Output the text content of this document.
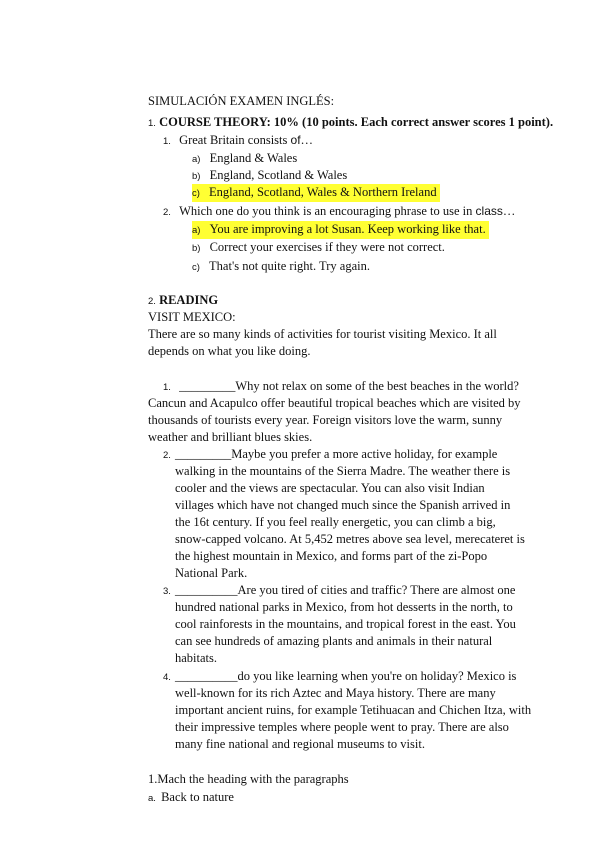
SIMULACIÓN EXAMEN INGLÉS:
1. COURSE THEORY: 10% (10 points. Each correct answer scores 1 point).
1. Great Britain consists of…
a) England & Wales
b) England, Scotland & Wales
c) England, Scotland, Wales & Northern Ireland
2. Which one do you think is an encouraging phrase to use in class…
a) You are improving a lot Susan. Keep working like that.
b) Correct your exercises if they were not correct.
c) That's not quite right. Try again.
2. READING
VISIT MEXICO:
There are so many kinds of activities for tourist visiting Mexico. It all
depends on what you like doing.
1. _________Why not relax on some of the best beaches in the world?
Cancun and Acapulco offer beautiful tropical beaches which are visited by
thousands of tourists every year. Foreign visitors love the warm, sunny
weather and brilliant blues skies.
2. _________Maybe you prefer a more active holiday, for example
walking in the mountains of the Sierra Madre. The weather there is
cooler and the views are spectacular. You can also visit Indian
villages which have not changed much since the Spanish arrived in
the 16t century. If you feel really energetic, you can climb a big,
snow-capped volcano. At 5,452 metres above sea level, merecateret is
the highest mountain in Mexico, and forms part of the zi-Popo
National Park.
3. __________Are you tired of cities and traffic? There are almost one
hundred national parks in Mexico, from hot desserts in the north, to
cool rainforests in the mountains, and tropical forest in the east. You
can see hundreds of amazing plants and animals in their natural
habitats.
4. __________do you like learning when you're on holiday? Mexico is
well-known for its rich Aztec and Maya history. There are many
important ancient ruins, for example Tetihuacan and Chichen Itza, with
their impressive temples where people went to pray. There are also
many fine national and regional museums to visit.
1.Mach the heading with the paragraphs
a. Back to nature
